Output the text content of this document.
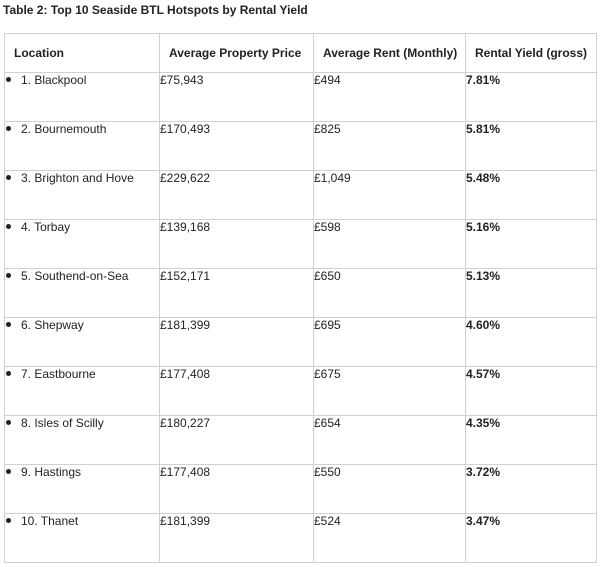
Table 2: Top 10 Seaside BTL Hotspots by Rental Yield
Location	Average Property Price	Average Rent (Monthly)	Rental Yield (gross)
1. Blackpool	£75,943	£494	7.81%
2. Bournemouth	£170,493	£825	5.81%
3. Brighton and Hove	£229,622	£1,049	5.48%
4. Torbay	£139,168	£598	5.16%
5. Southend-on-Sea	£152,171	£650	5.13%
6. Shepway	£181,399	£695	4.60%
7. Eastbourne	£177,408	£675	4.57%
8. Isles of Scilly	£180,227	£654	4.35%
9. Hastings	£177,408	£550	3.72%
10. Thanet	£181,399	£524	3.47%
